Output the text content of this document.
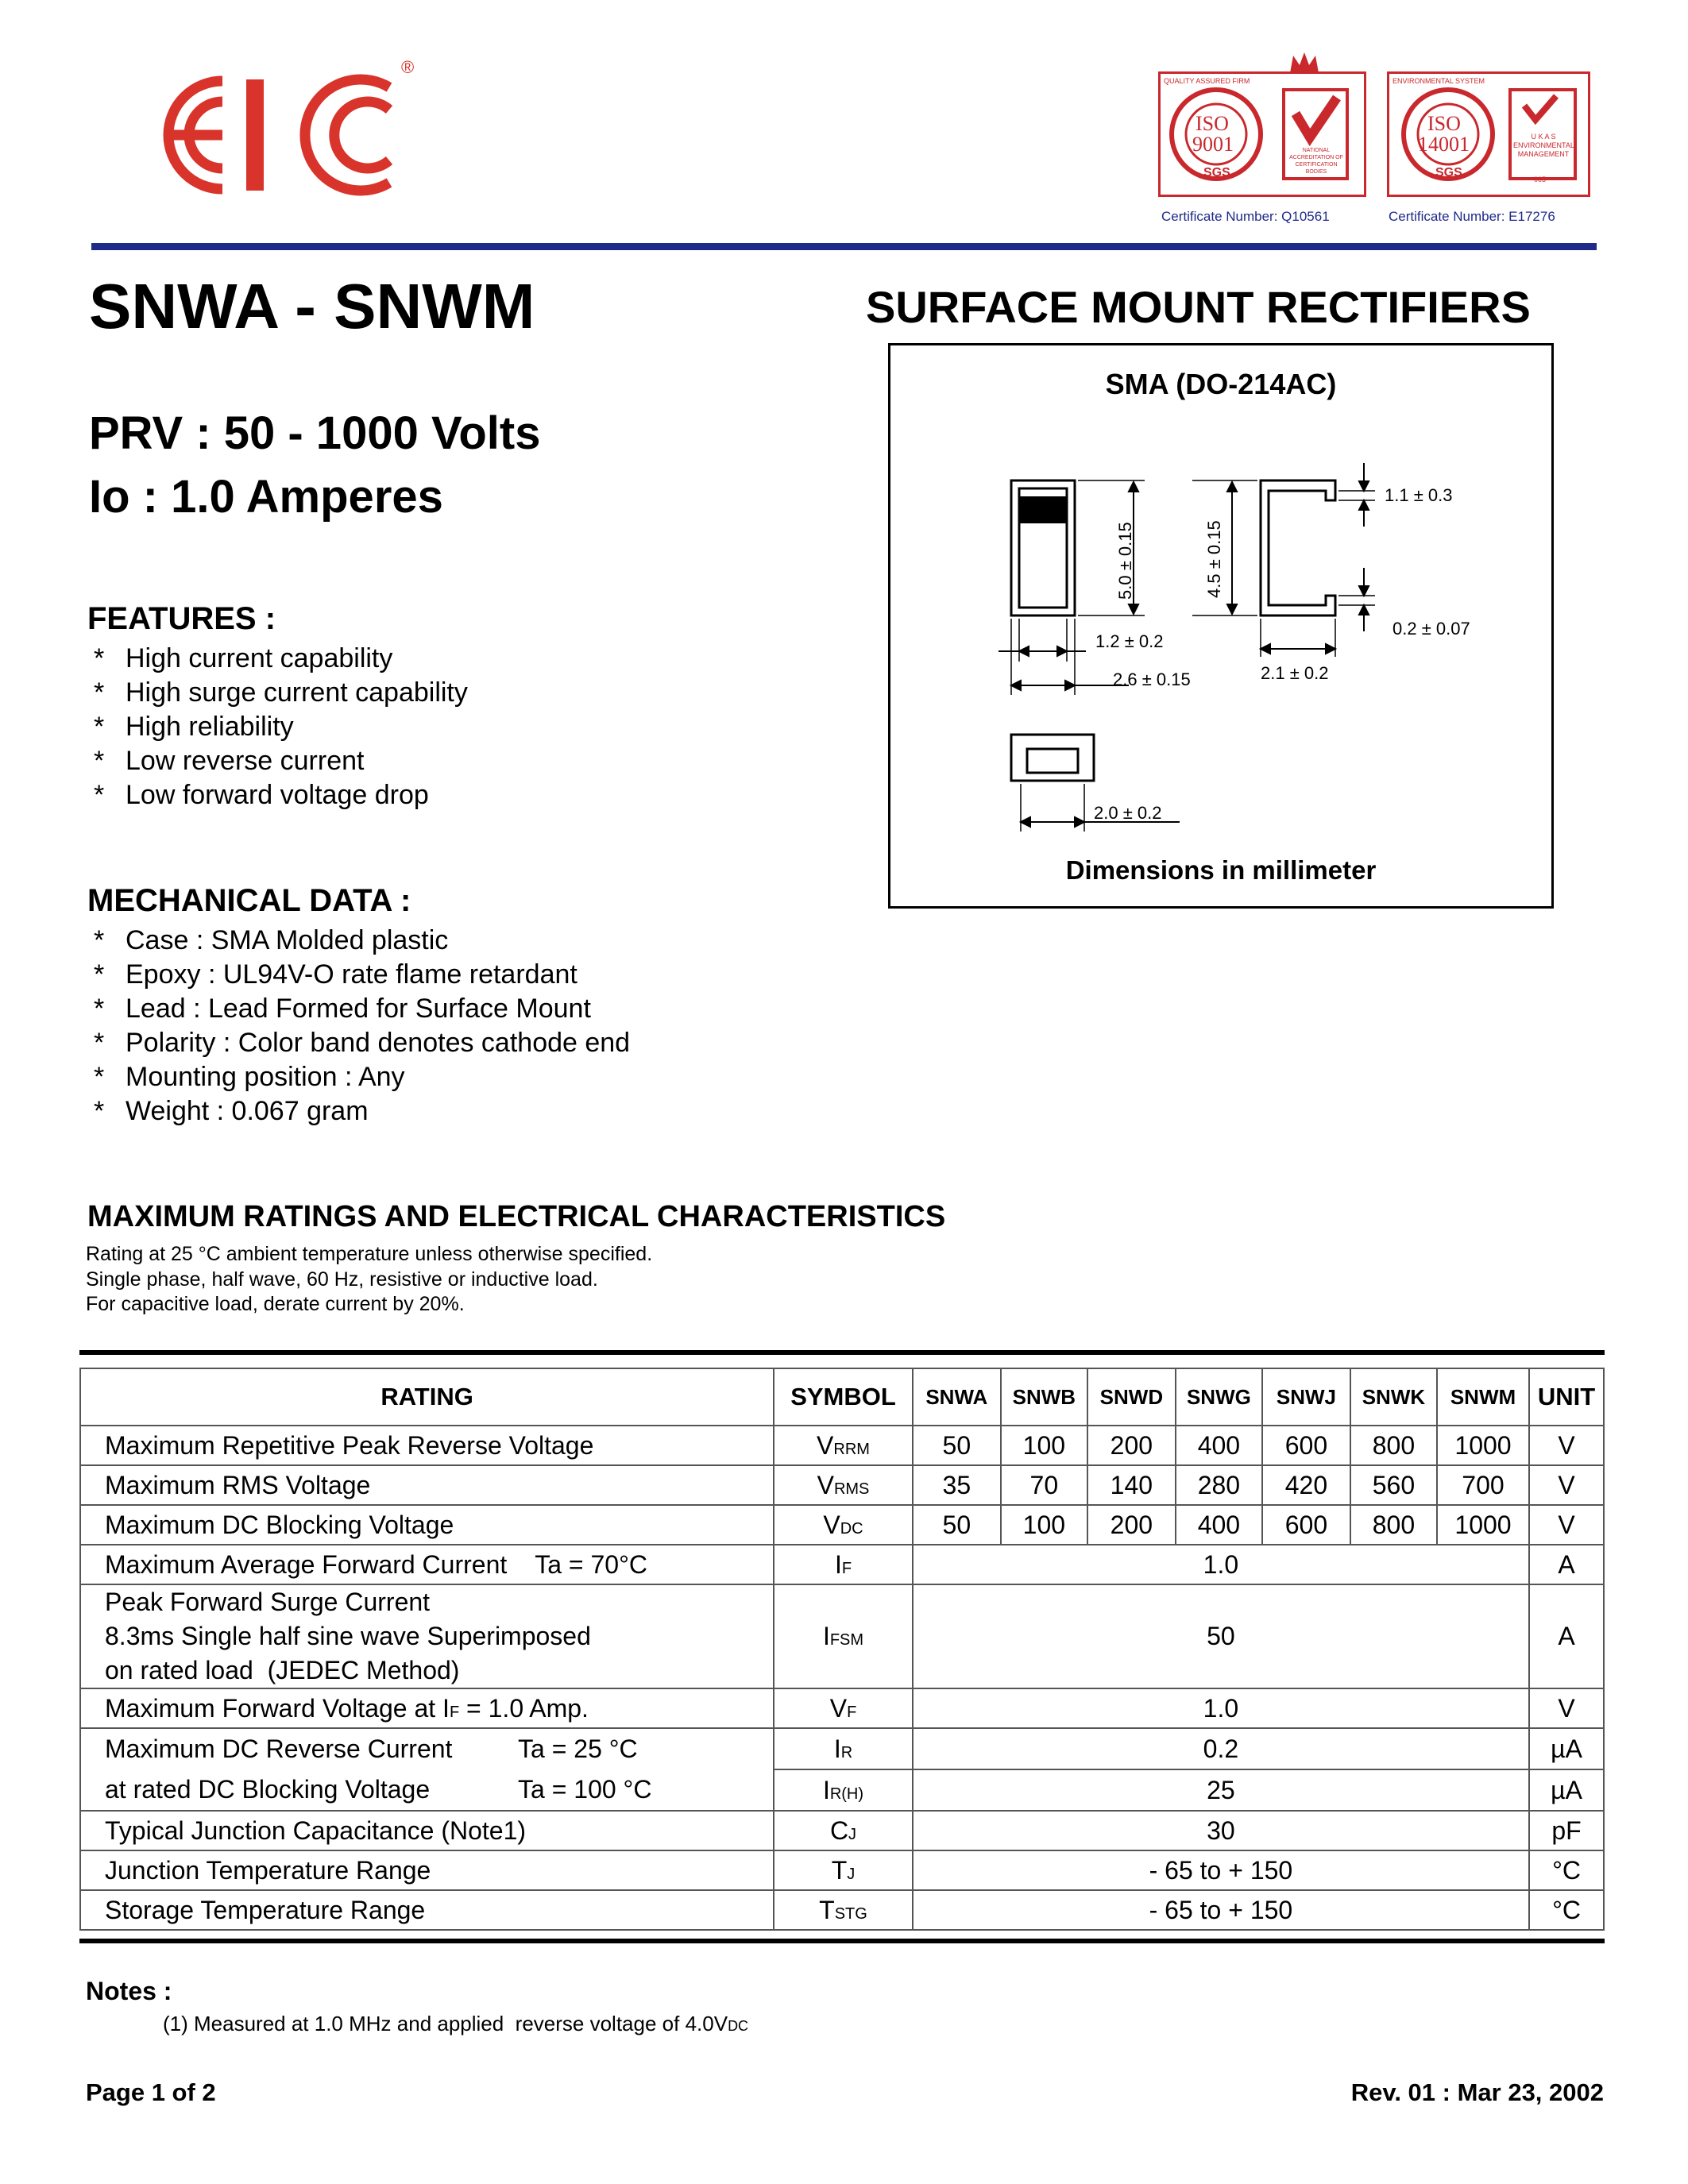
®
ISO
9001
SGS
QUALITY ASSURED FIRM
NATIONAL ACCREDITATION OF CERTIFICATION BODIES
Certificate Number: Q10561
ISO
14001
SGS
ENVIRONMENTAL SYSTEM
U K A S ENVIRONMENTAL MANAGEMENT
005
Certificate Number: E17276
SNWA - SNWM	SURFACE MOUNT RECTIFIERS
PRV : 50 - 1000 Volts
Io : 1.0 Amperes
SMA (DO-214AC)
5.0 ± 0.15	4.5 ± 0.15
1.1 ± 0.3
0.2 ± 0.07
1.2 ± 0.2
2.6 ± 0.15	2.1 ± 0.2
2.0 ± 0.2
Dimensions in millimeter
FEATURES :
* High current capability
* High surge current capability
* High reliability
* Low reverse current
* Low forward voltage drop
MECHANICAL DATA :
* Case : SMA Molded plastic
* Epoxy : UL94V-O rate flame retardant
* Lead : Lead Formed for Surface Mount
* Polarity : Color band denotes cathode end
* Mounting position : Any
* Weight : 0.067 gram
MAXIMUM RATINGS AND ELECTRICAL CHARACTERISTICS
Rating at 25 °C ambient temperature unless otherwise specified.
Single phase, half wave, 60 Hz, resistive or inductive load.
For capacitive load, derate current by 20%.
RATING	SYMBOL	SNWA	SNWB	SNWD	SNWG	SNWJ	SNWK	SNWM	UNIT
Maximum Repetitive Peak Reverse Voltage	VRRM	50	100	200	400	600	800	1000	V
Maximum RMS Voltage	VRMS	35	70	140	280	420	560	700	V
Maximum DC Blocking Voltage	VDC	50	100	200	400	600	800	1000	V
Maximum Average Forward Current    Ta = 70°C	IF	1.0							A

Peak Forward Surge Current
8.3ms Single half sine wave Superimposed
on rated load  (JEDEC Method)	IFSM	50							A
Maximum Forward Voltage at IF = 1.0 Amp.	VF	1.0							V

Maximum DC Reverse Current Ta = 25 °C
at rated DC Blocking Voltage Ta = 100 °C	IR	0.2							µA
	IR(H)	25							µA
Typical Junction Capacitance (Note1)	CJ	30							pF
Junction Temperature Range	TJ	- 65 to + 150							°C
Storage Temperature Range	TSTG	- 65 to + 150							°C
Notes :
(1) Measured at 1.0 MHz and applied  reverse voltage of 4.0VDC
Page 1 of 2	Rev. 01 : Mar 23, 2002
